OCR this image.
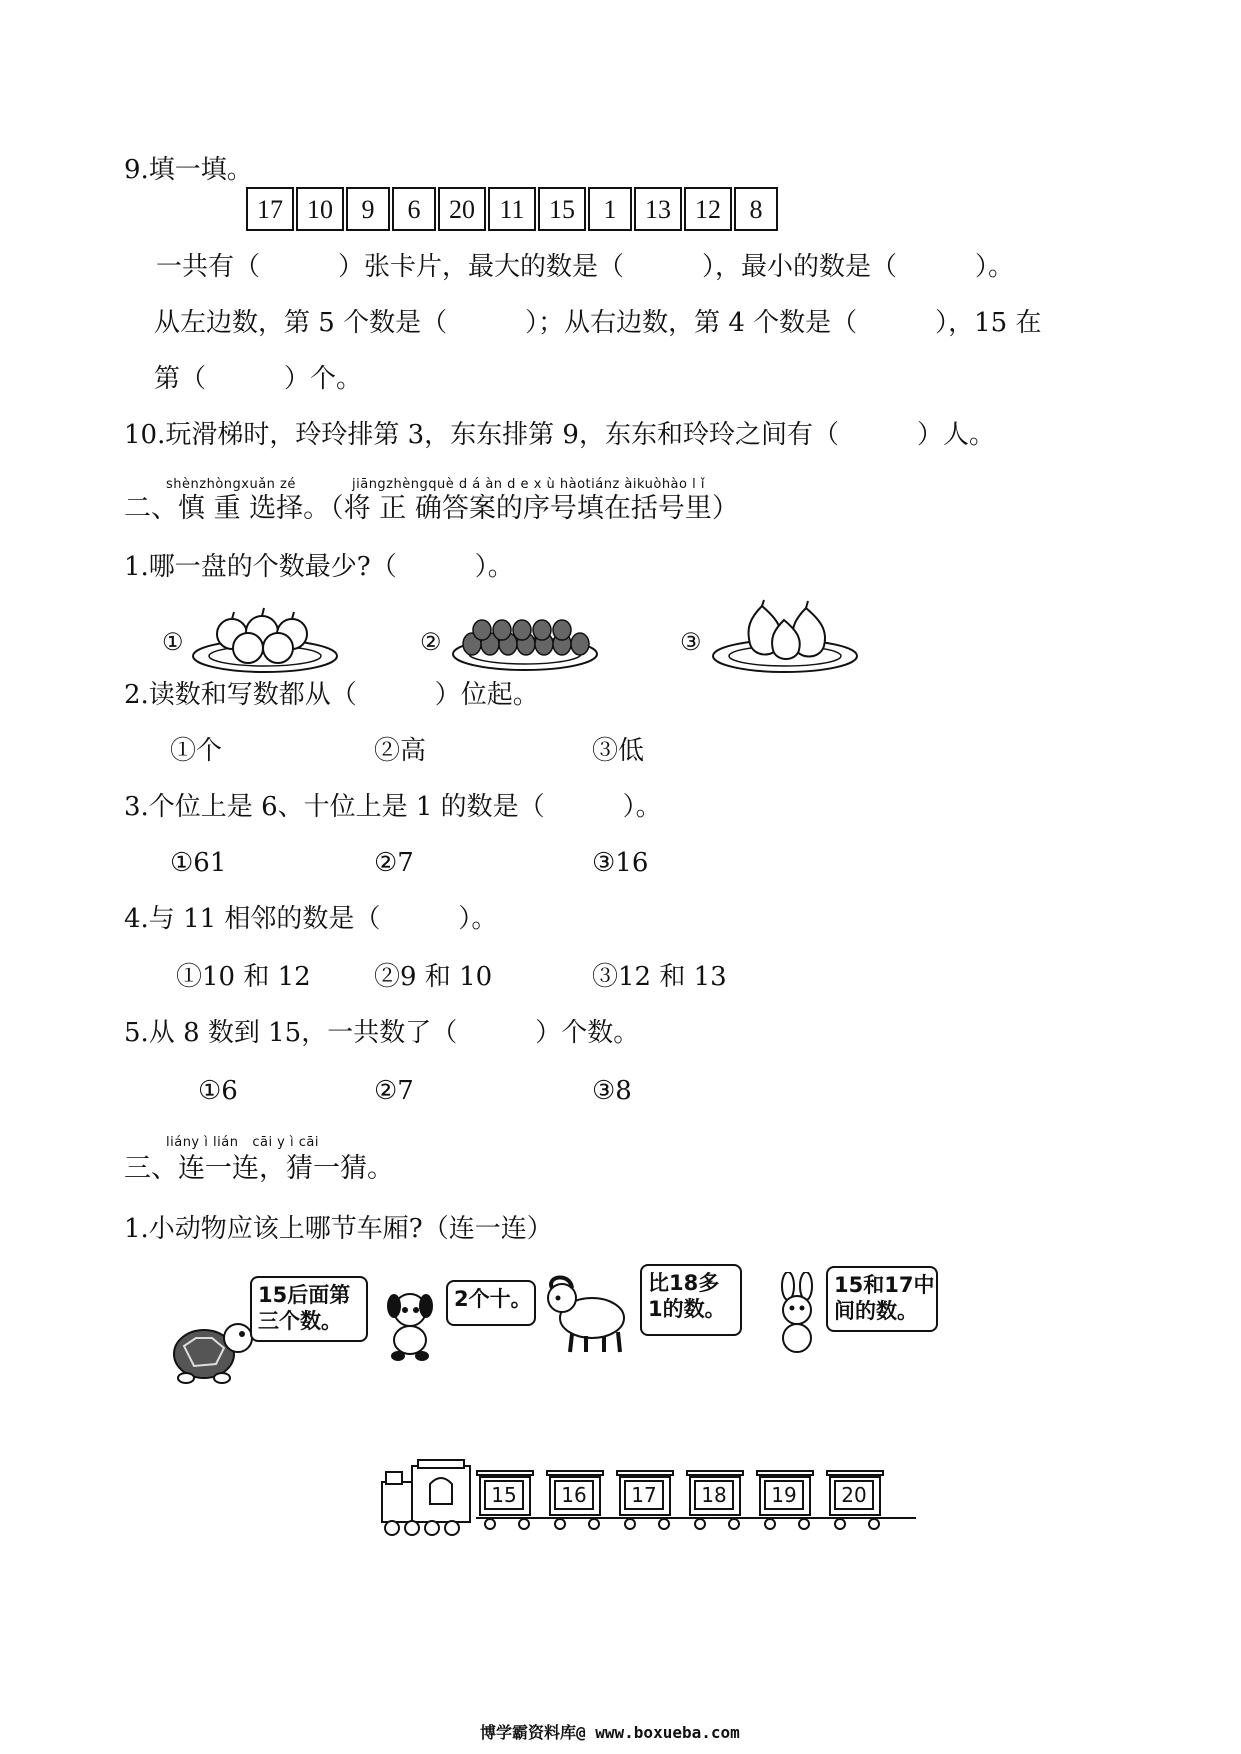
9.填一填。
17 10	9	6	20 11 15	1	13 12	8
一共有（　　　）张卡片，最大的数是（　　　），最小的数是（　　　）。
从左边数，第 5 个数是（　　　）；从右边数，第 4 个数是（　　　），15 在
第（　　　）个。
10.玩滑梯时，玲玲排第 3，东东排第 9，东东和玲玲之间有（　　　）人。
shènzhòngxuǎn zé	jiāngzhèngquè d á àn d e x ù hàotiánz àikuòhào l ǐ
二、慎 重 选择。（将 正 确答案的序号填在括号里）
1.哪一盘的个数最少?（　　　）。
①	②	③
2.读数和写数都从（　　　）位起。
①个	②高	③低
3.个位上是 6、十位上是 1 的数是（　　　）。
①61	②7	③16
4.与 11 相邻的数是（　　　）。
①10 和 12 ②9 和 10	③12 和 13
5.从 8 数到 15，一共数了（　　　）个数。
①6	②7	③8
liány ì lián   cāi y ì cāi
三、连一连，猜一猜。
1.小动物应该上哪节车厢?（连一连）
15后面第
三个数。
2个十。
比18多
1的数。
15和17中
间的数。
15	16	17	18	19	20
博学霸资料库@ www.boxueba.com
